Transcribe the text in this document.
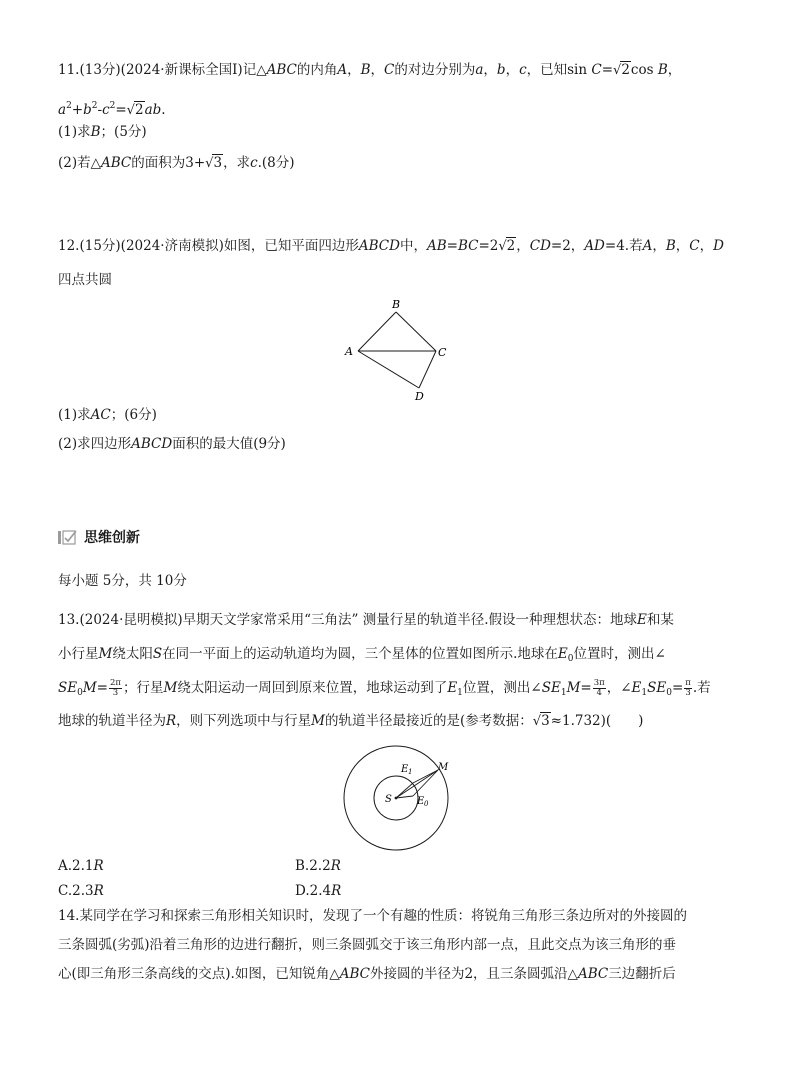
11.(13分)(2024·新课标全国Ⅰ)记△ABC的内角A，B，C的对边分别为a，b，c，已知sin C=√2cos B，
$a^2+b^2-c^2=√2ab$.
(1)求B；(5分)
(2)若△ABC的面积为3+√3，求c.(8分)
12.(15分)(2024·济南模拟)如图，已知平面四边形ABCD中，AB=BC=2√2，CD=2，AD=4.若A，B，C，D
四点共圆
A
B
C
D
(1)求AC；(6分)
(2)求四边形ABCD面积的最大值(9分)
思维创新
每小题 5分，共 10分
13.(2024·昆明模拟)早期天文学家常采用“三角法” 测量行星的轨道半径.假设一种理想状态：地球E和某
小行星M绕太阳S在同一平面上的运动轨道均为圆，三个星体的位置如图所示.地球在$E_0$位置时，测出∠
$SE_0M= \frac{2\pi}{3}$ ；行星M绕太阳运动一周回到原来位置，地球运动到了$E_1$位置，测出$\angle SE_1M= \frac{3\pi}{4}$ ，$\angle E_1SE_0= \frac{\pi}{3}$ .若
地球的轨道半径为R，则下列选项中与行星M的轨道半径最接近的是(参考数据：√3≈1.732)(　　)
E 1	M
S	E 0
A.2.1R	B.2.2R
C.2.3R	D.2.4R
14.某同学在学习和探索三角形相关知识时，发现了一个有趣的性质：将锐角三角形三条边所对的外接圆的
三条圆弧(劣弧)沿着三角形的边进行翻折，则三条圆弧交于该三角形内部一点，且此交点为该三角形的垂
心(即三角形三条高线的交点).如图，已知锐角△ABC外接圆的半径为2，且三条圆弧沿△ABC三边翻折后
